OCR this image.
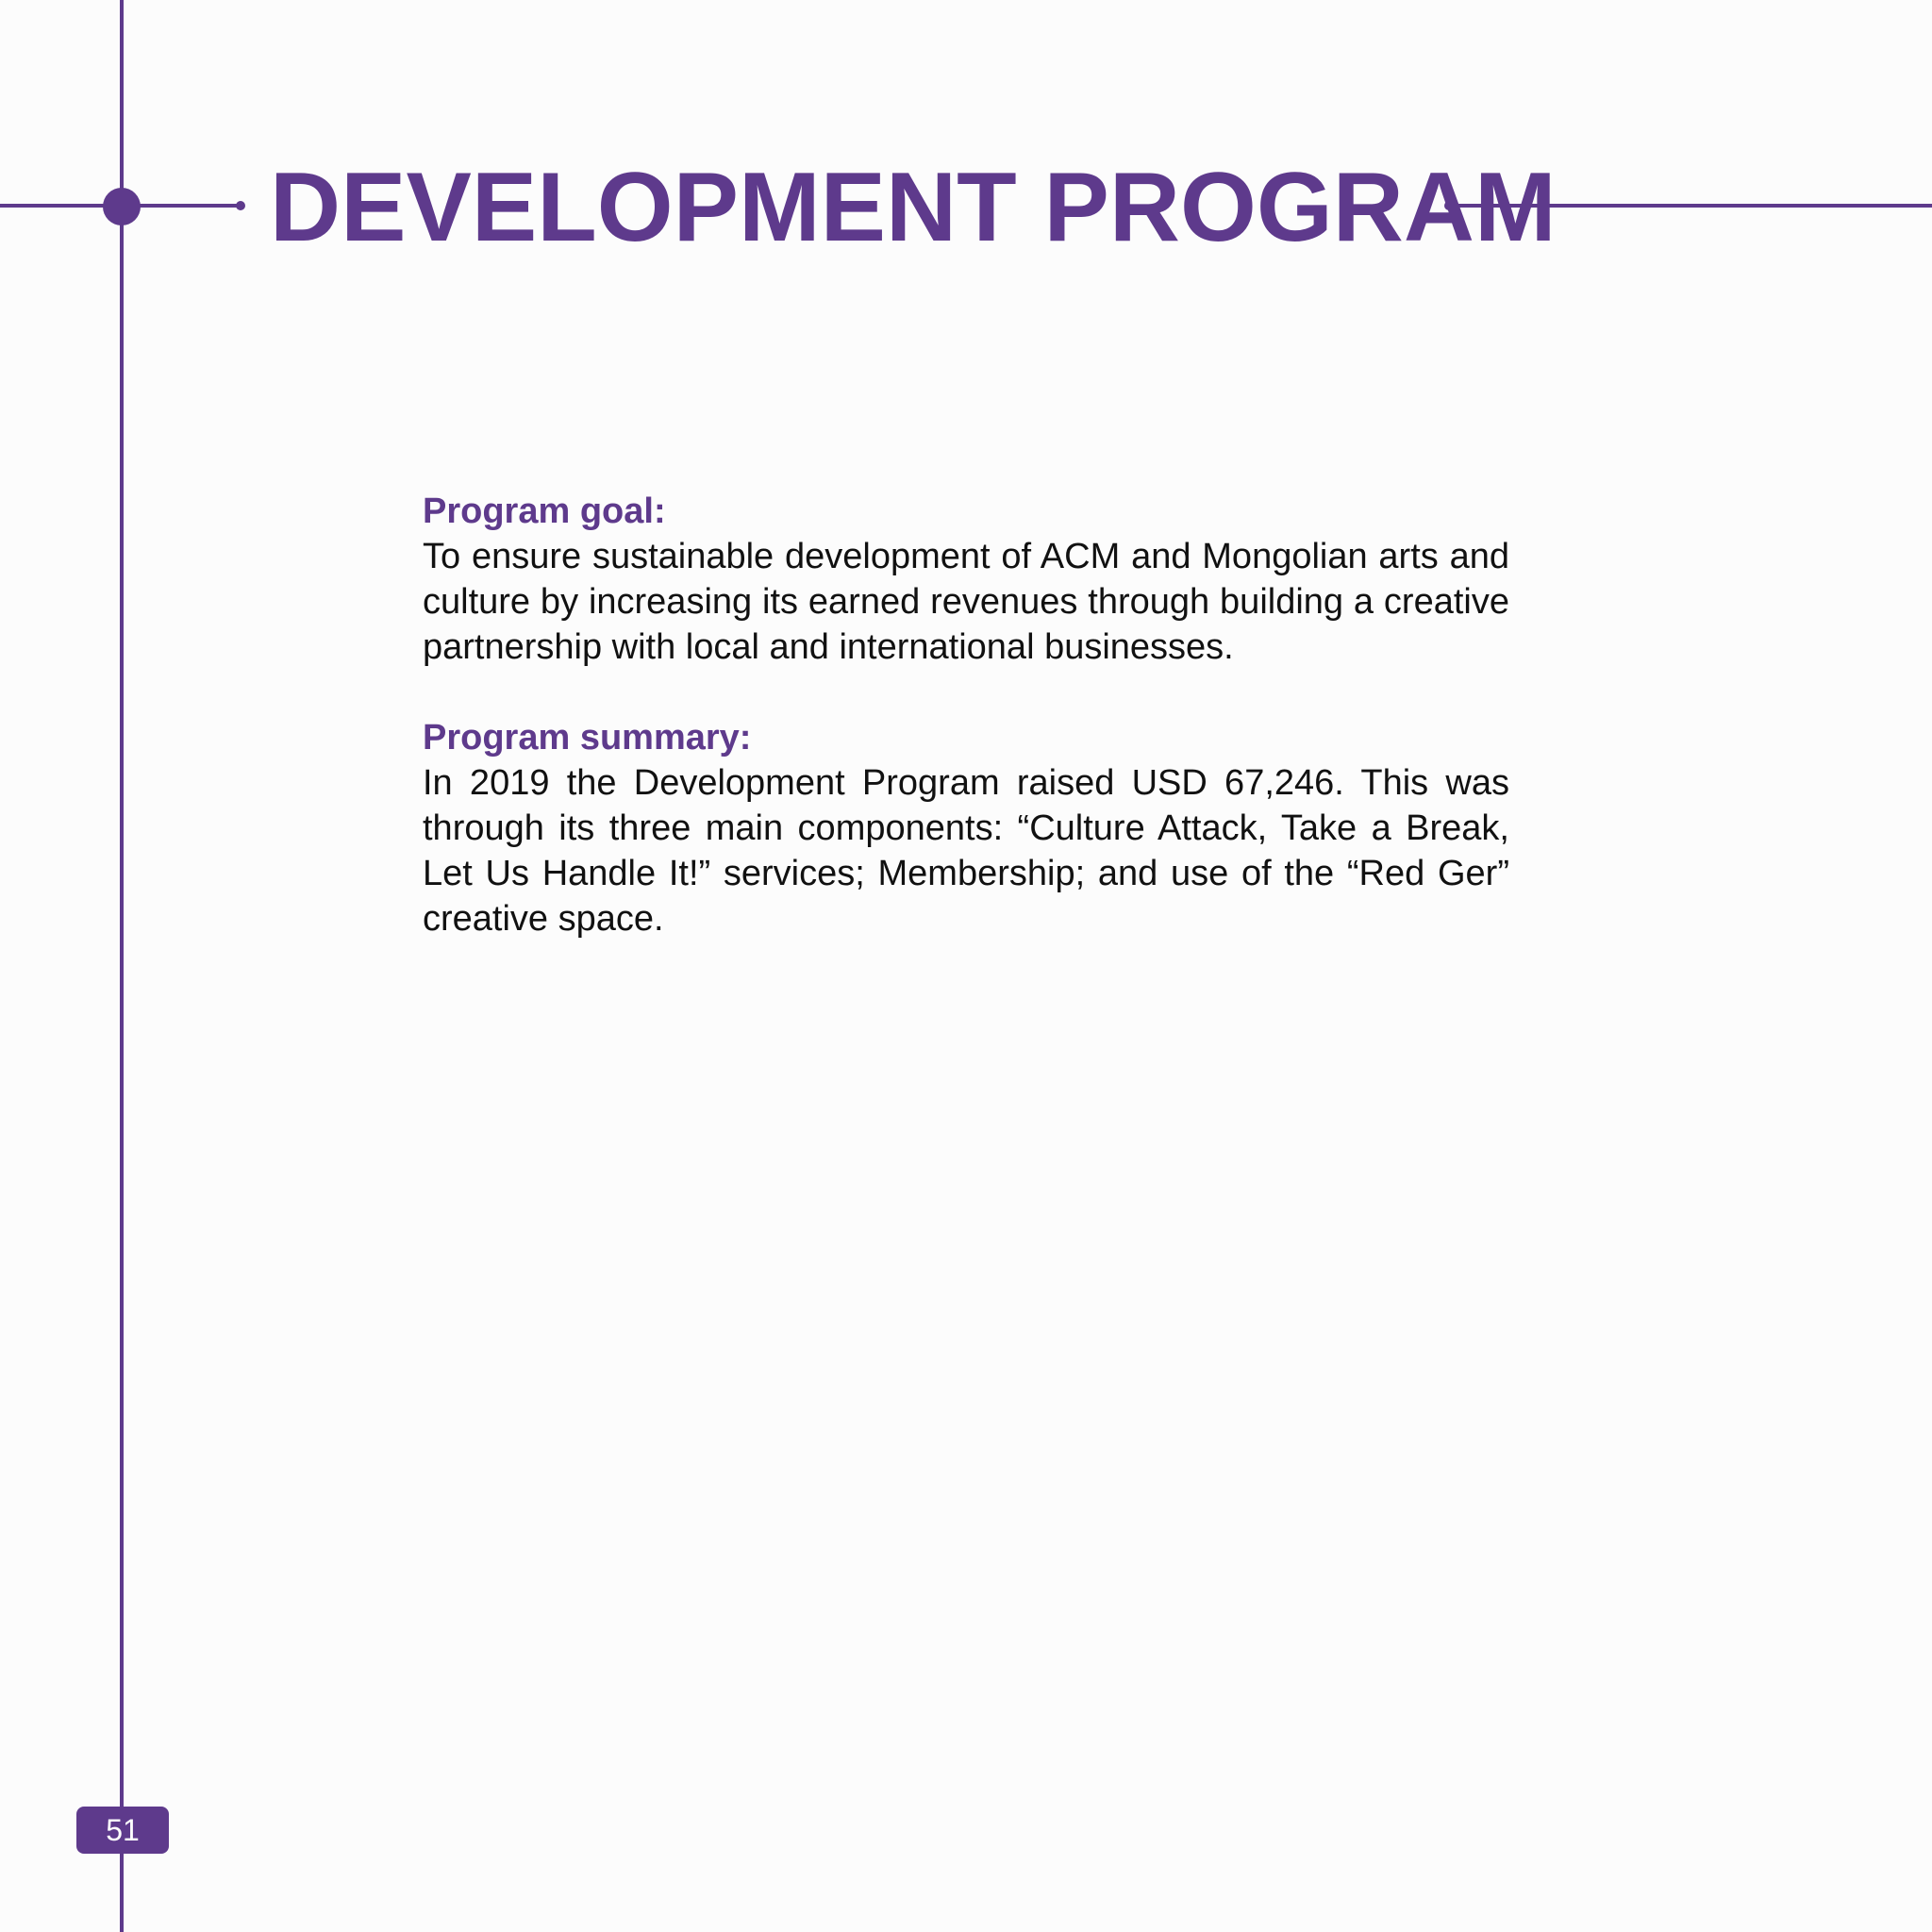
DEVELOPMENT PROGRAM

Program goal:

To ensure sustainable development of ACM and Mongolian arts and culture by increasing its earned revenues through building a creative partnership with local and international businesses.

Program summary:

In 2019 the Development Program raised USD 67,246. This was through its three main components: “Culture Attack, Take a Break, Let Us Handle It!” services; Membership; and use of the “Red Ger” creative space.

51
